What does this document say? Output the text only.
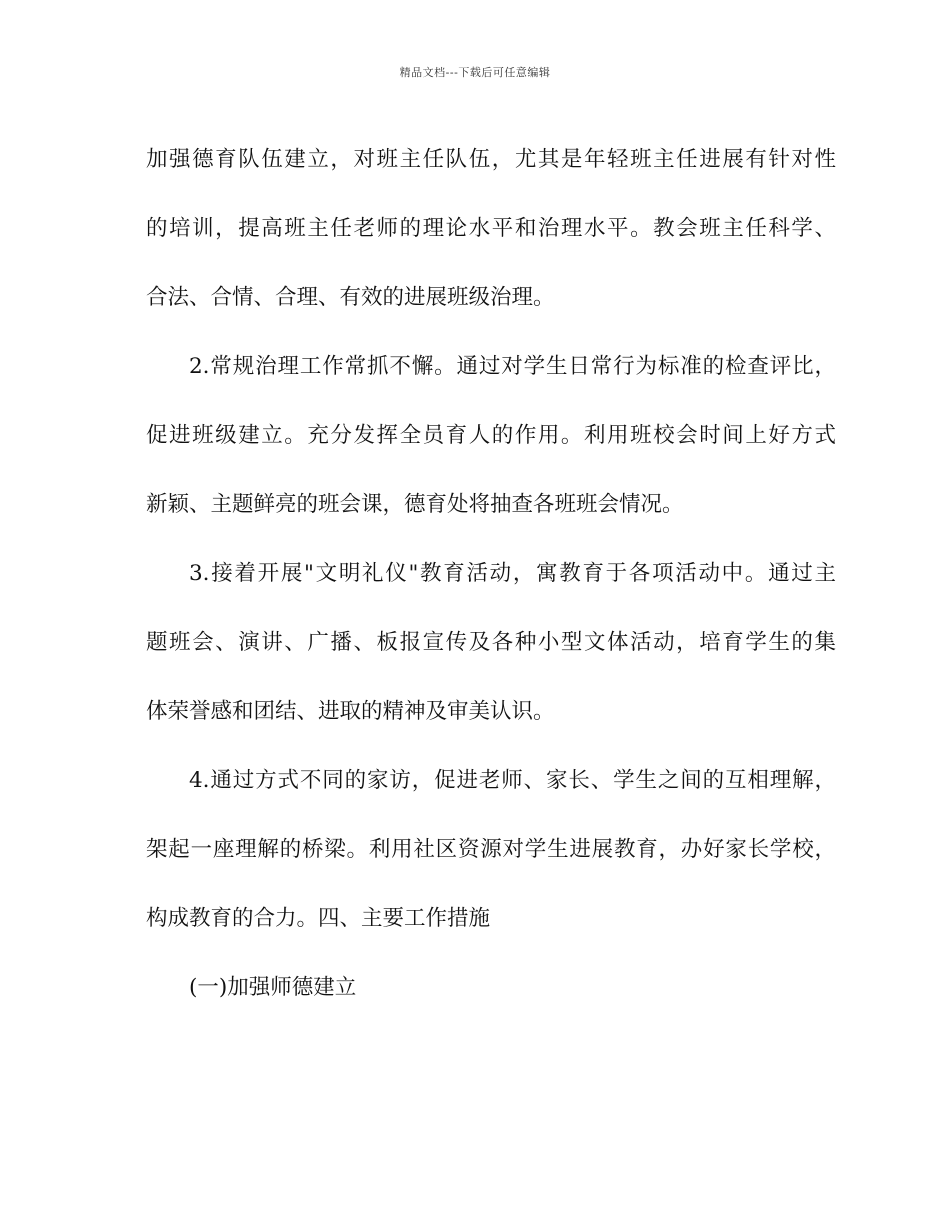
精品文档---下载后可任意编辑
加强德育队伍建立，对班主任队伍，尤其是年轻班主任进展有针对性
的培训，提高班主任老师的理论水平和治理水平。教会班主任科学、
合法、合情、合理、有效的进展班级治理。
2.常规治理工作常抓不懈。通过对学生日常行为标准的检查评比，
促进班级建立。充分发挥全员育人的作用。利用班校会时间上好方式
新颖、主题鲜亮的班会课，德育处将抽查各班班会情况。
3.接着开展"文明礼仪"教育活动，寓教育于各项活动中。通过主
题班会、演讲、广播、板报宣传及各种小型文体活动，培育学生的集
体荣誉感和团结、进取的精神及审美认识。
4.通过方式不同的家访，促进老师、家长、学生之间的互相理解，
架起一座理解的桥梁。利用社区资源对学生进展教育，办好家长学校，
构成教育的合力。四、主要工作措施
(一)加强师德建立
